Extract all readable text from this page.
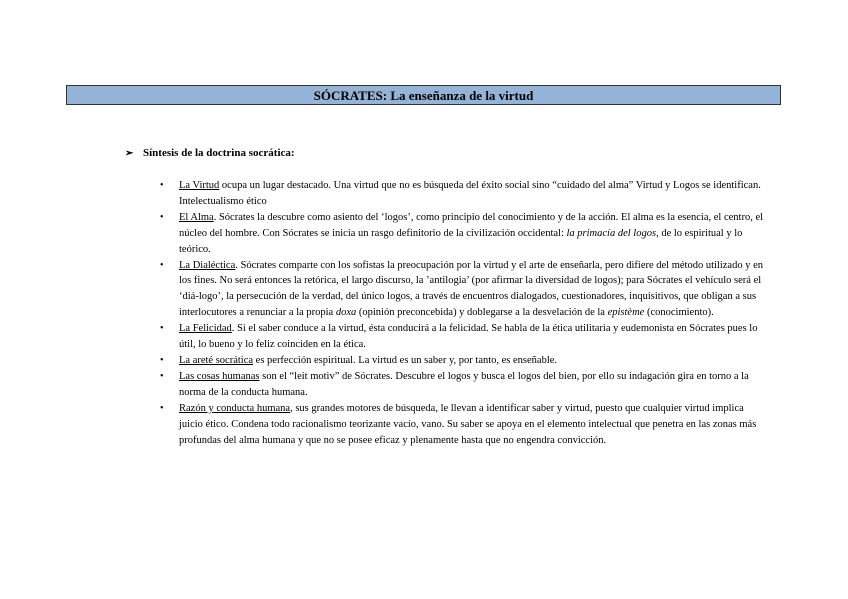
SÓCRATES: La enseñanza de la virtud
➢ Síntesis de la doctrina socrática:
• La Virtud ocupa un lugar destacado. Una virtud que no es búsqueda del éxito social sino “cuidado del alma” Virtud y Logos se identifican. Intelectualismo ético
• El Alma. Sócrates la descubre como asiento del ‘logos’, como principio del conocimiento y de la acción. El alma es la esencia, el centro, el núcleo del hombre. Con Sócrates se inicia un rasgo definitorio de la civilización occidental: la primacía del logos, de lo espiritual y lo teórico.
• La Dialéctica. Sócrates comparte con los sofistas la preocupación por la virtud y el arte de enseñarla, pero difiere del método utilizado y en los fines. No será entonces la retórica, el largo discurso, la ’antilogia’ (por afirmar la diversidad de logos); para Sócrates el vehículo será el ‘diá-logo’, la persecución de la verdad, del único logos, a través de encuentros dialogados, cuestionadores, inquisitivos, que obligan a sus interlocutores a renunciar a la propia doxa (opinión preconcebida) y doblegarse a la desvelación de la epistème (conocimiento).
• La Felicidad. Si el saber conduce a la virtud, ésta conducirá a la felicidad. Se habla de la ética utilitaria y eudemonista en Sócrates pues lo útil, lo bueno y lo feliz coinciden en la ética.
• La areté socrática es perfección espiritual. La virtud es un saber y, por tanto, es enseñable.
• Las cosas humanas son el “leit motiv” de Sócrates. Descubre el logos y busca el logos del bien, por ello su indagación gira en torno a la norma de la conducta humana.
• Razón y conducta humana, sus grandes motores de búsqueda, le llevan a identificar saber y virtud, puesto que cualquier virtud implica juicio ético. Condena todo racionalismo teorizante vacío, vano. Su saber se apoya en el elemento intelectual que penetra en las zonas más profundas del alma humana y que no se posee eficaz y plenamente hasta que no engendra convicción.
